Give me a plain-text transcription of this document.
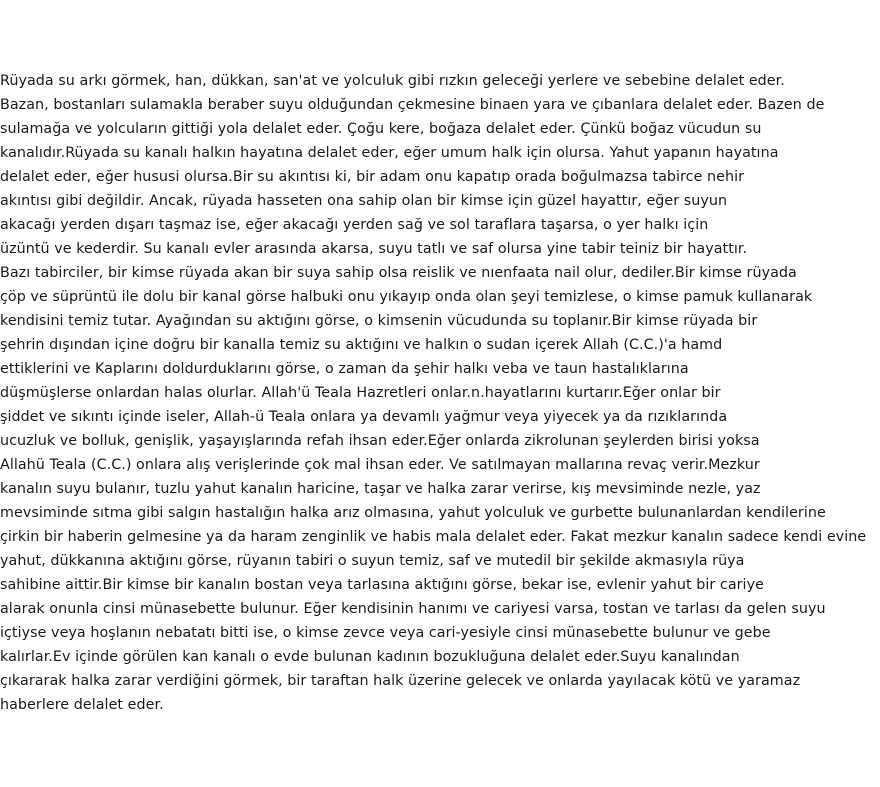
Rüyada su arkı görmek, han, dükkan, san'at ve yolculuk gibi rızkın geleceği yerlere ve sebebine delalet eder.
Bazan, bostanları sulamakla beraber suyu olduğundan çekmesine binaen yara ve çıbanlara delalet eder. Bazen de
sulamağa ve yolcuların gittiği yola delalet eder. Çoğu kere, boğaza delalet eder. Çünkü boğaz vücudun su
kanalıdır.Rüyada su kanalı halkın hayatına delalet eder, eğer umum halk için olursa. Yahut yapanın hayatına
delalet eder, eğer hususi olursa.Bir su akıntısı ki, bir adam onu kapatıp orada boğulmazsa tabirce nehir
akıntısı gibi değildir. Ancak, rüyada hasseten ona sahip olan bir kimse için güzel hayattır, eğer suyun
akacağı yerden dışarı taşmaz ise, eğer akacağı yerden sağ ve sol taraflara taşarsa, o yer halkı için
üzüntü ve kederdir. Su kanalı evler arasında akarsa, suyu tatlı ve saf olursa yine tabir teiniz bir hayattır.
Bazı tabirciler, bir kimse rüyada akan bir suya sahip olsa reislik ve nıenfaata nail olur, dediler.Bir kimse rüyada
çöp ve süprüntü ile dolu bir kanal görse halbuki onu yıkayıp onda olan şeyi temizlese, o kimse pamuk kullanarak
kendisini temiz tutar. Ayağından su aktığını görse, o kimsenin vücudunda su toplanır.Bir kimse rüyada bir
şehrin dışından içine doğru bir kanalla temiz su aktığını ve halkın o sudan içerek Allah (C.C.)'a hamd
ettiklerini ve Kaplarını doldurduklarını görse, o zaman da şehir halkı veba ve taun hastalıklarına
düşmüşlerse onlardan halas olurlar. Allah'ü Teala Hazretleri onlar.n.hayatlarını kurtarır.Eğer onlar bir
şiddet ve sıkıntı içinde iseler, Allah-ü Teala onlara ya devamlı yağmur veya yiyecek ya da rızıklarında
ucuzluk ve bolluk, genişlik, yaşayışlarında refah ihsan eder.Eğer onlarda zikrolunan şeylerden birisi yoksa
Allahü Teala (C.C.) onlara alış verişlerinde çok mal ihsan eder. Ve satılmayan mallarına revaç verir.Mezkur
kanalın suyu bulanır, tuzlu yahut kanalın haricine, taşar ve halka zarar verirse, kış mevsiminde nezle, yaz
mevsiminde sıtma gibi salgın hastalığın halka arız olmasına, yahut yolculuk ve gurbette bulunanlardan kendilerine
çirkin bir haberin gelmesine ya da haram zenginlik ve habis mala delalet eder. Fakat mezkur kanalın sadece kendi evine
yahut, dükkanına aktığını görse, rüyanın tabiri o suyun temiz, saf ve mutedil bir şekilde akmasıyla rüya
sahibine aittir.Bir kimse bir kanalın bostan veya tarlasına aktığını görse, bekar ise, evlenir yahut bir cariye
alarak onunla cinsi münasebette bulunur. Eğer kendisinin hanımı ve cariyesi varsa, tostan ve tarlası da gelen suyu
içtiyse veya hoşlanın nebatatı bitti ise, o kimse zevce veya cari-yesiyle cinsi münasebette bulunur ve gebe
kalırlar.Ev içinde görülen kan kanalı o evde bulunan kadının bozukluğuna delalet eder.Suyu kanalından
çıkararak halka zarar verdiğini görmek, bir taraftan halk üzerine gelecek ve onlarda yayılacak kötü ve yaramaz
haberlere delalet eder.
